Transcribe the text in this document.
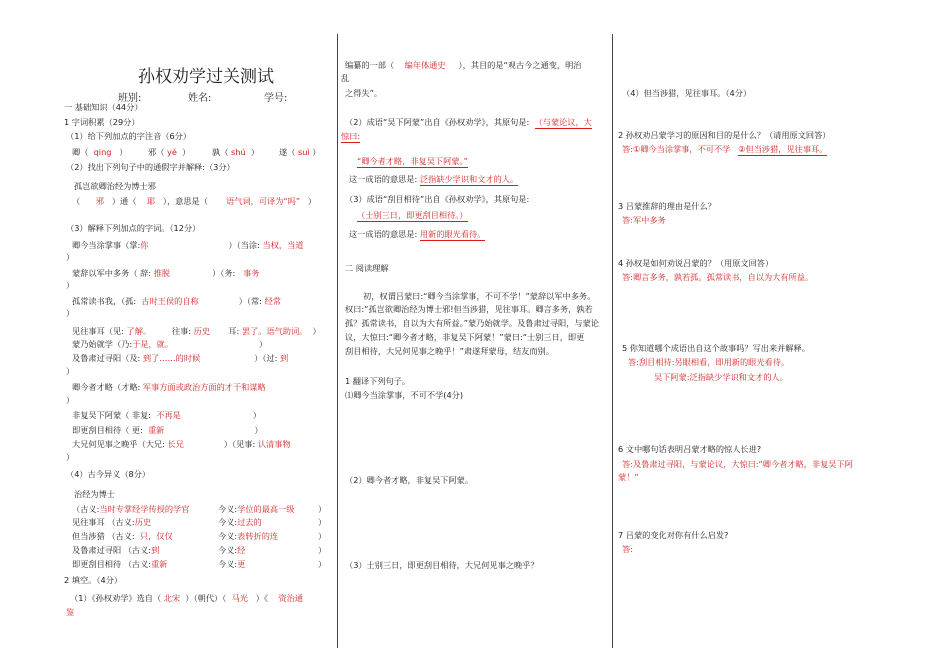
孙权劝学过关测试
班别:	姓名:	学号:
一 基础知识（44分）
1 字词积累（29分）
（1）给下列加点的字注音（6分）
卿（ qing ）	邪（ yé ）	孰（ shú ） 遂（ suì ）
（2）找出下列句子中的通假字并解释:（3分）
孤岂欲卿治经为博士邪
（ 邪 ）通（ 耶 ），意思是（ 语气词，可译为“吗” ）
（3）解释下列加点的字词。（12分）
卿今当涂掌事（掌:你	）（当涂: 当权，当道
）
蒙辞以军中多务（ 辞: 推脱	）（务: 事务
）
孤常读书我，（孤: 古时王侯的自称	）（常: 经常
）
见往事耳（见: 了解。	往事: 历史 耳: 罢了。语气助词。 ）
蒙乃始就学（乃:于是，就。	）
及鲁肃过寻阳（及: 到了……的时候	）（过: 到
）
卿今者才略（才略: 军事方面或政治方面的才干和谋略
）
非复吴下阿蒙（ 非复: 不再是	）
即更刮目相待（ 更: 重新	）
大兄何见事之晚乎（大兄: 长兄	）（见事: 认清事物
）
（4）古今异义（8分）
治经为博士
（古义:当时专掌经学传授的学官	今义:学位的最高一级	）
见往事耳 （古义:历史	今义:过去的	）
但当涉猎 （古义: 只，仅仅	今义:表转折的连	）
及鲁肃过寻阳 （古义:到	今义:经	）
即更刮目相待 （古义:重新	今义:更	）
2 填空。（4分）
（1）《孙权劝学》选自（ 北宋 ）（朝代）（ 马光 ）《 资治通
鉴
编纂的一部（ 编年体通史 ），其目的是“观古今之通变，明治
乱
之得失”。
（2）成语“吴下阿蒙”出自《孙权劝学》，其原句是: （与蒙论议，大
惊曰:
“卿今者才略，非复吴下阿蒙。”
这一成语的意思是: 泛指缺少学识和文才的人。
（3）成语“刮目相待”出自《孙权劝学》，其原句是:
（士别三日，即更刮目相待。）
这一成语的意思是: 用新的眼光看待。
二 阅读理解
初，权谓吕蒙曰:“卿今当涂掌事，不可不学！”蒙辞以军中多务。
权曰:“孤岂欲卿治经为博士邪!但当涉猎，见往事耳。卿言多务，孰若
孤？孤常读书，自以为大有所益。”蒙乃始就学。及鲁肃过寻阳，与蒙论
议，大惊曰:“卿今者才略，非复吴下阿蒙！”蒙曰:“士别三日，即更
刮目相待，大兄何见事之晚乎！”肃遂拜蒙母，结友而别。
1 翻译下列句子。
⑴卿今当涂掌事，不可不学(4分)
（2）卿今者才略，非复吴下阿蒙。
（3）士别三日，即更刮目相待，大兄何见事之晚乎？
（4）但当涉猎，见往事耳。（4分）
2 孙权劝吕蒙学习的原因和目的是什么？（请用原文回答）
答:①卿今当涂掌事，不可不学 ②但当涉猎，见往事耳。
3 吕蒙推辞的理由是什么？
答:军中多务
4 孙权是如何劝说吕蒙的？（用原文回答）
答:卿言多务，孰若孤。孤常读书，自以为大有所益。
5 你知道哪个成语出自这个故事吗？写出来并解释。
答:刮目相待:另眼相看，即用新的眼光看待。
吴下阿蒙:泛指缺少学识和文才的人。
6 文中哪句话表明吕蒙才略的惊人长进?
答:及鲁肃过寻阳，与蒙论议，大惊曰:“卿今者才略，非复吴下阿
蒙！”
7 吕蒙的变化对你有什么启发?
答:
